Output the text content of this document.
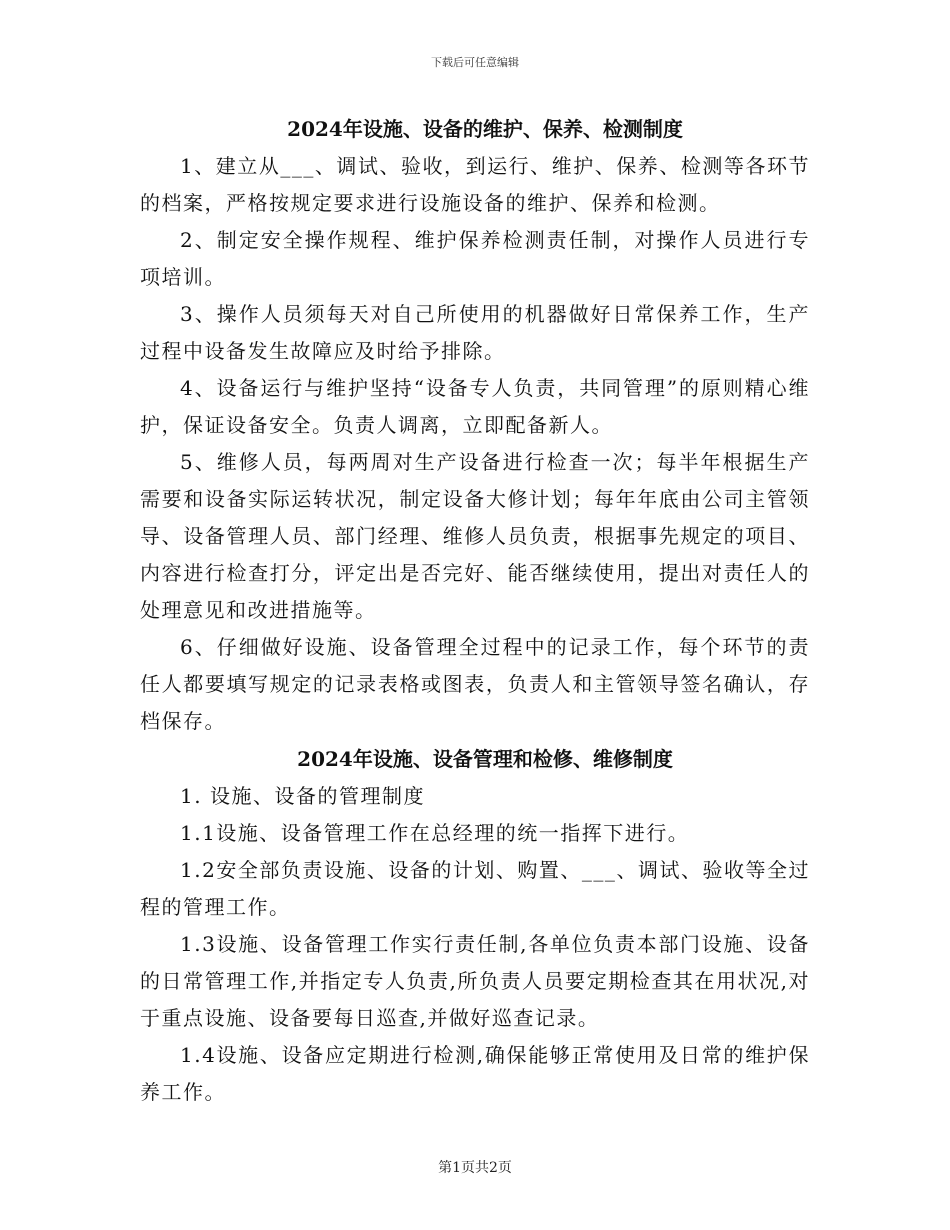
下载后可任意编辑
2024年设施、设备的维护、保养、检测制度

1、建立从___、调试、验收，到运行、维护、保养、检测等各环节的档案，严格按规定要求进行设施设备的维护、保养和检测。

2、制定安全操作规程、维护保养检测责任制，对操作人员进行专项培训。

3、操作人员须每天对自己所使用的机器做好日常保养工作，生产过程中设备发生故障应及时给予排除。

4、设备运行与维护坚持“设备专人负责，共同管理”的原则精心维护，保证设备安全。负责人调离，立即配备新人。

5、维修人员，每两周对生产设备进行检查一次；每半年根据生产需要和设备实际运转状况，制定设备大修计划；每年年底由公司主管领导、设备管理人员、部门经理、维修人员负责，根据事先规定的项目、内容进行检查打分，评定出是否完好、能否继续使用，提出对责任人的处理意见和改进措施等。

6、仔细做好设施、设备管理全过程中的记录工作，每个环节的责任人都要填写规定的记录表格或图表，负责人和主管领导签名确认，存档保存。

2024年设施、设备管理和检修、维修制度

1. 设施、设备的管理制度

1.1设施、设备管理工作在总经理的统一指挥下进行。

1.2安全部负责设施、设备的计划、购置、___、调试、验收等全过程的管理工作。

1.3设施、设备管理工作实行责任制,各单位负责本部门设施、设备的日常管理工作,并指定专人负责,所负责人员要定期检查其在用状况,对于重点设施、设备要每日巡查,并做好巡查记录。

1.4设施、设备应定期进行检测,确保能够正常使用及日常的维护保养工作。

第1页共2页
